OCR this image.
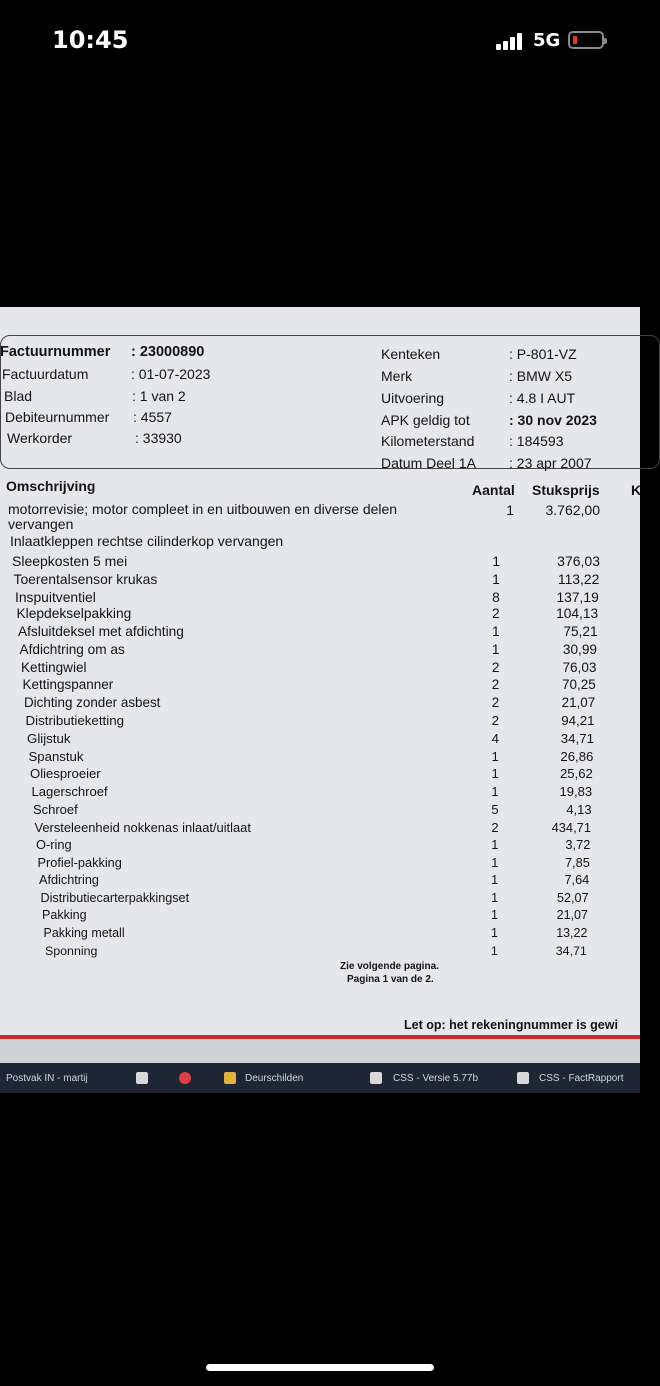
10:45	5G
Factuurnummer : 23000890
Factuurdatum	: 01-07-2023
Blad	: 1 van 2
Debiteurnummer : 4557
Werkorder	: 33930
Kenteken	: P-801-VZ
Merk	: BMW X5
Uitvoering	: 4.8 I AUT
APK geldig tot	: 30 nov 2023
Kilometerstand : 184593
Datum Deel 1A : 23 apr 2007
Omschrijving	Aantal Stuksprijs K
motorrevisie; motor compleet in en uitbouwen en diverse delen
vervangen
1	3.762,00
Inlaatkleppen rechtse cilinderkop vervangen
Sleepkosten 5 mei	1	376,03
Toerentalsensor krukas	1	113,22
Inspuitventiel	8	137,19
Klepdekselpakking	2	104,13
Afsluitdeksel met afdichting	1	75,21
Afdichtring om as	1	30,99
Kettingwiel	2	76,03
Kettingspanner	2	70,25
Dichting zonder asbest	2	21,07
Distributieketting	2	94,21
Glijstuk	4	34,71
Spanstuk	1	26,86
Oliesproeier	1	25,62
Lagerschroef	1	19,83
Schroef	5	4,13
Versteleenheid nokkenas inlaat/uitlaat	2	434,71
O-ring	1	3,72
Profiel-pakking	1	7,85
Afdichtring	1	7,64
Distributiecarterpakkingset	1	52,07
Pakking	1	21,07
Pakking metall	1	13,22
Sponning	1	34,71
Zie volgende pagina.
Pagina 1 van de 2.
Let op: het rekeningnummer is gewi
Postvak IN - martij	Deurschilden	CSS - Versie 5.77b	CSS - FactRapport
